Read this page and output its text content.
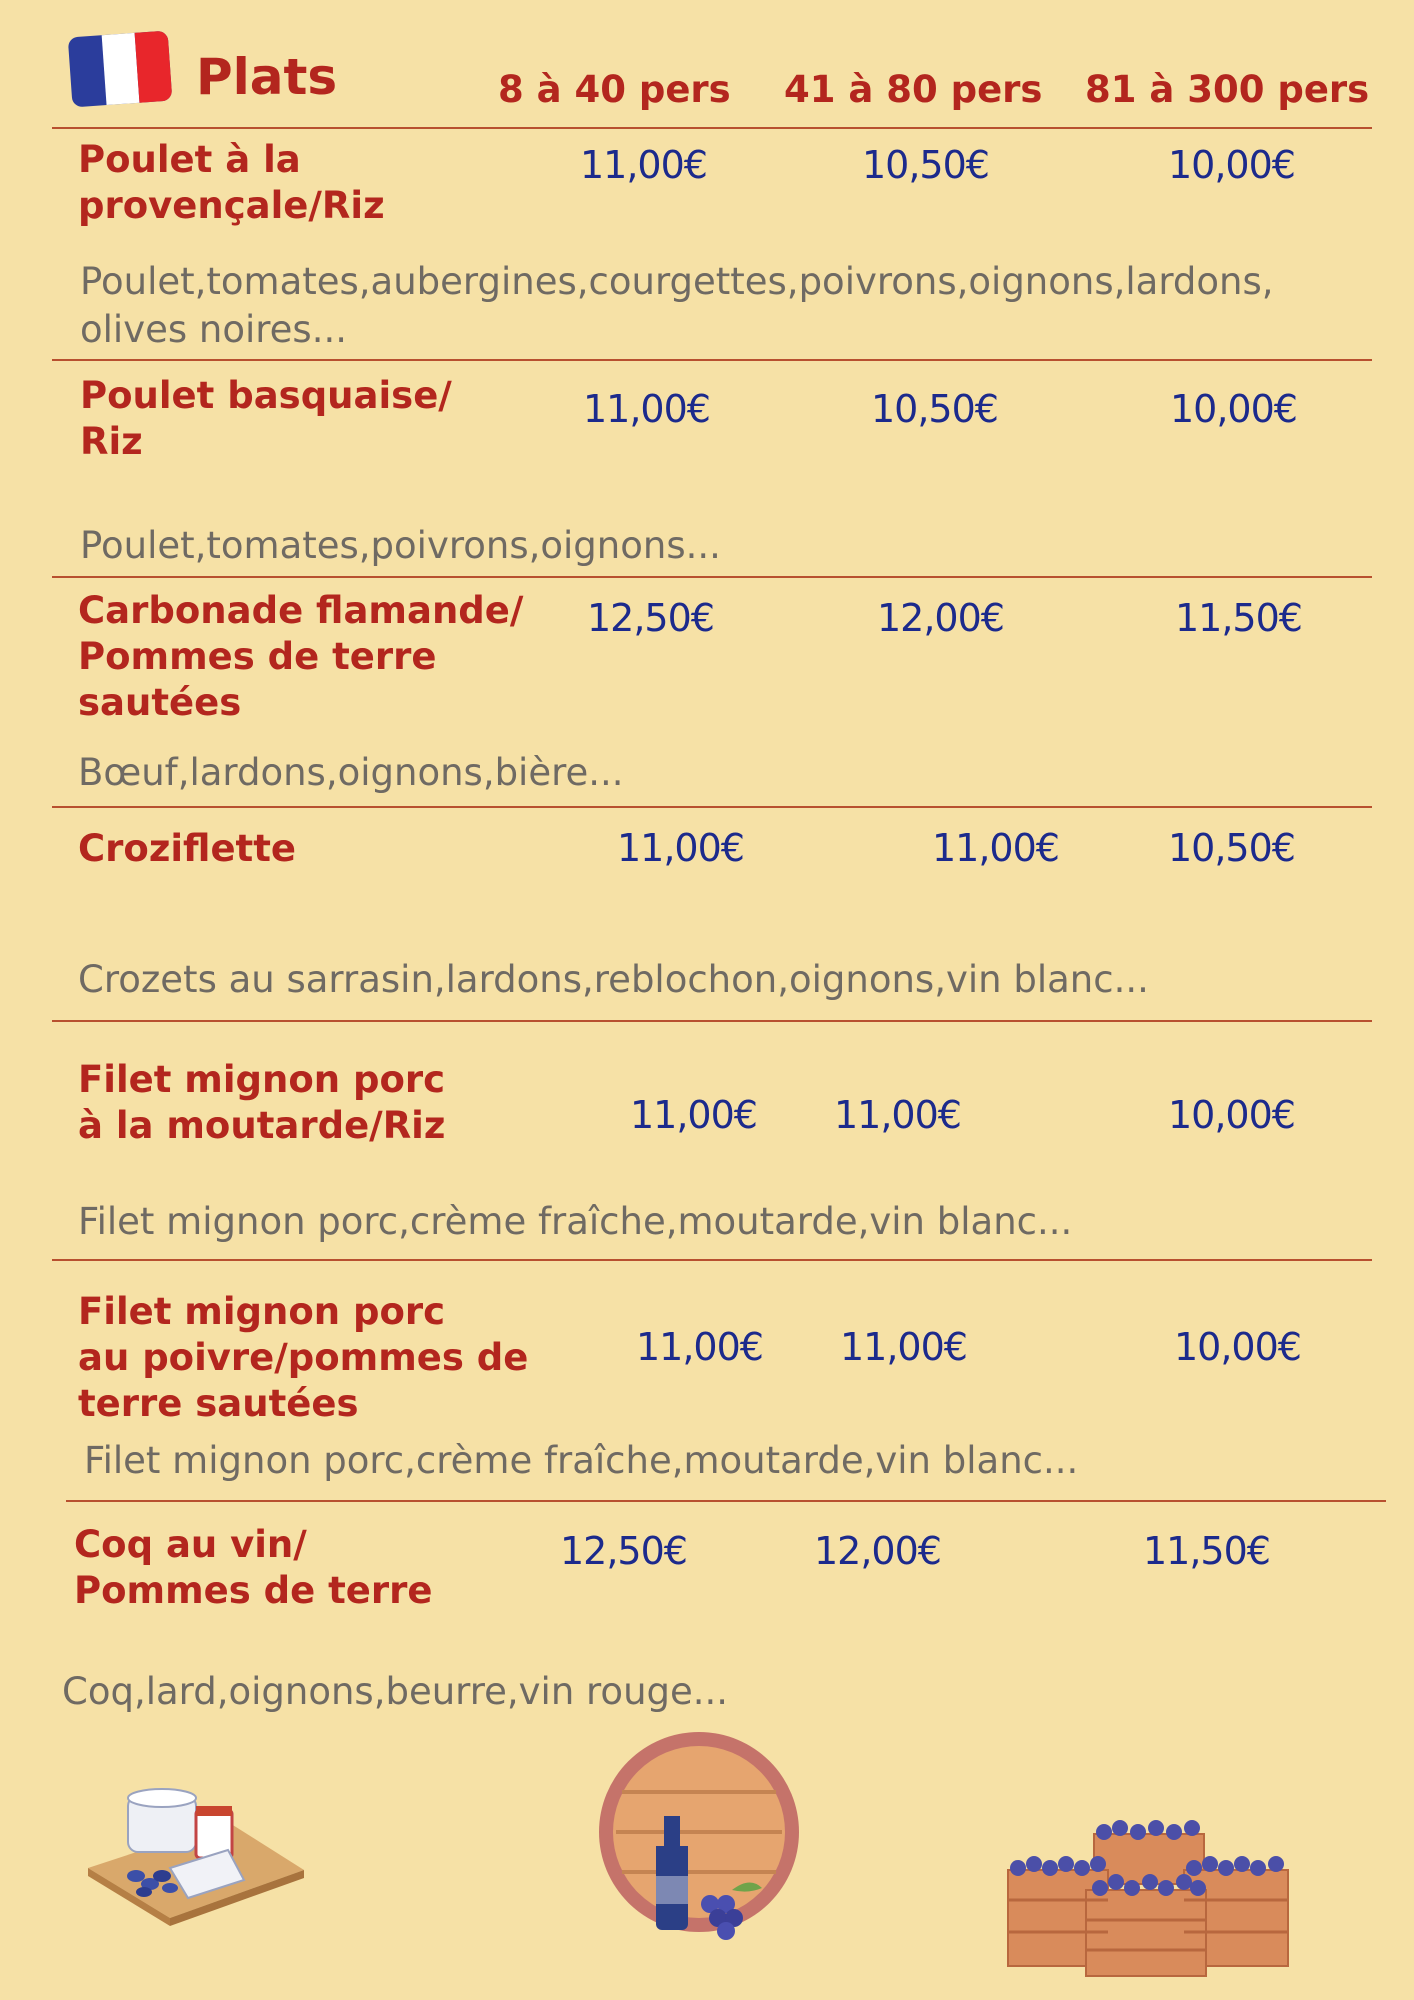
Plats	8 à 40 pers 41 à 80 pers 81 à 300 pers
Poulet à la
provençale/Riz
11,00€	10,50€	10,00€
Poulet,tomates,aubergines,courgettes,poivrons,oignons,lardons,
olives noires...
Poulet basquaise/
Riz
11,00€	10,50€	10,00€
Poulet,tomates,poivrons,oignons...
Carbonade flamande/
Pommes de terre
sautées
12,50€	12,00€	11,50€
Bœuf,lardons,oignons,bière...
Croziflette	11,00€	11,00€	10,50€
Crozets au sarrasin,lardons,reblochon,oignons,vin blanc...
Filet mignon porc
à la moutarde/Riz	11,00€ 11,00€	10,00€
Filet mignon porc,crème fraîche,moutarde,vin blanc...
Filet mignon porc
au poivre/pommes de
terre sautées
11,00€ 11,00€	10,00€
Filet mignon porc,crème fraîche,moutarde,vin blanc...
Coq au vin/
Pommes de terre
12,50€	12,00€	11,50€
Coq,lard,oignons,beurre,vin rouge...
